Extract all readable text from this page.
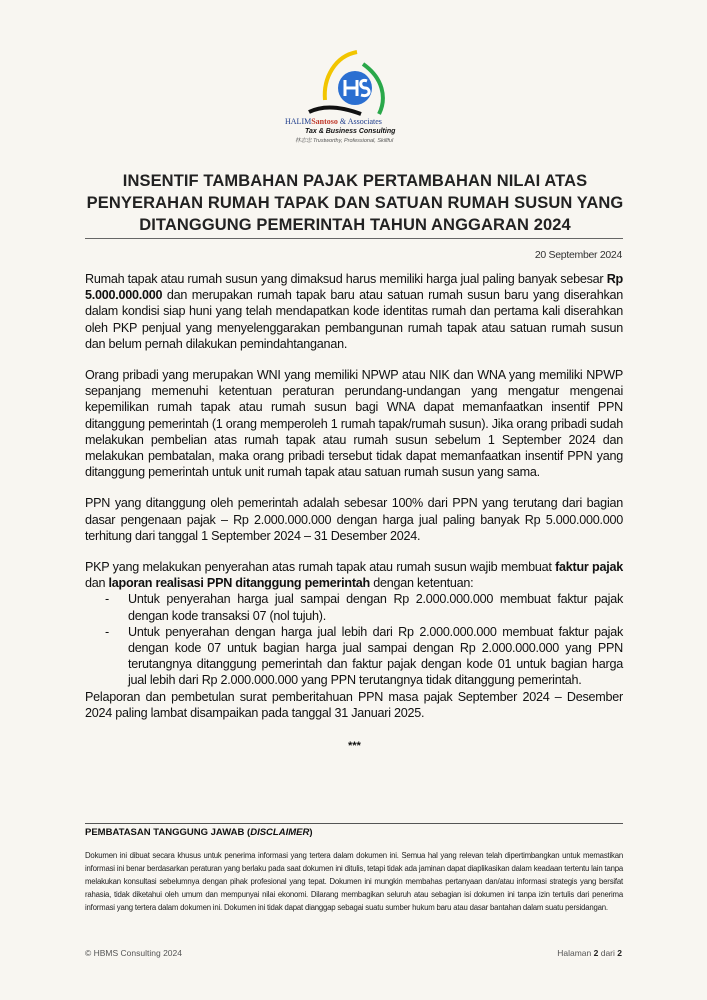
HALIMSantoso & Associates
Tax & Business Consulting
林志忠 Trustworthy, Professional, Skillful
INSENTIF TAMBAHAN PAJAK PERTAMBAHAN NILAI ATAS PENYERAHAN RUMAH TAPAK DAN SATUAN RUMAH SUSUN YANG DITANGGUNG PEMERINTAH TAHUN ANGGARAN 2024
20 September 2024

Rumah tapak atau rumah susun yang dimaksud harus memiliki harga jual paling banyak sebesar Rp 5.000.000.000 dan merupakan rumah tapak baru atau satuan rumah susun baru yang diserahkan dalam kondisi siap huni yang telah mendapatkan kode identitas rumah dan pertama kali diserahkan oleh PKP penjual yang menyelenggarakan pembangunan rumah tapak atau satuan rumah susun dan belum pernah dilakukan pemindahtanganan.

Orang pribadi yang merupakan WNI yang memiliki NPWP atau NIK dan WNA yang memiliki NPWP sepanjang memenuhi ketentuan peraturan perundang-undangan yang mengatur mengenai kepemilikan rumah tapak atau rumah susun bagi WNA dapat memanfaatkan insentif PPN ditanggung pemerintah (1 orang memperoleh 1 rumah tapak/rumah susun). Jika orang pribadi sudah melakukan pembelian atas rumah tapak atau rumah susun sebelum 1 September 2024 dan melakukan pembatalan, maka orang pribadi tersebut tidak dapat memanfaatkan insentif PPN yang ditanggung pemerintah untuk unit rumah tapak atau satuan rumah susun yang sama.

PPN yang ditanggung oleh pemerintah adalah sebesar 100% dari PPN yang terutang dari bagian dasar pengenaan pajak – Rp 2.000.000.000 dengan harga jual paling banyak Rp 5.000.000.000 terhitung dari tanggal 1 September 2024 – 31 Desember 2024.

PKP yang melakukan penyerahan atas rumah tapak atau rumah susun wajib membuat faktur pajak dan laporan realisasi PPN ditanggung pemerintah dengan ketentuan:

- Untuk penyerahan harga jual sampai dengan Rp 2.000.000.000 membuat faktur pajak dengan kode transaksi 07 (nol tujuh).
- Untuk penyerahan dengan harga jual lebih dari Rp 2.000.000.000 membuat faktur pajak dengan kode 07 untuk bagian harga jual sampai dengan Rp 2.000.000.000 yang PPN terutangnya ditanggung pemerintah dan faktur pajak dengan kode 01 untuk bagian harga jual lebih dari Rp 2.000.000.000 yang PPN terutangnya tidak ditanggung pemerintah.

Pelaporan dan pembetulan surat pemberitahuan PPN masa pajak September 2024 – Desember 2024 paling lambat disampaikan pada tanggal 31 Januari 2025.

***
PEMBATASAN TANGGUNG JAWAB (DISCLAIMER)
Dokumen ini dibuat secara khusus untuk penerima informasi yang tertera dalam dokumen ini. Semua hal yang relevan telah dipertimbangkan untuk memastikan informasi ini benar berdasarkan peraturan yang berlaku pada saat dokumen ini ditulis, tetapi tidak ada jaminan dapat diaplikasikan dalam keadaan tertentu lain tanpa melakukan konsultasi sebelumnya dengan pihak profesional yang tepat. Dokumen ini mungkin membahas pertanyaan dan/atau informasi strategis yang bersifat rahasia, tidak diketahui oleh umum dan mempunyai nilai ekonomi. Dilarang membagikan seluruh atau sebagian isi dokumen ini tanpa izin tertulis dari penerima informasi yang tertera dalam dokumen ini. Dokumen ini tidak dapat dianggap sebagai suatu sumber hukum baru atau dasar bantahan dalam suatu persidangan.
© HBMS Consulting 2024	Halaman 2 dari 2
